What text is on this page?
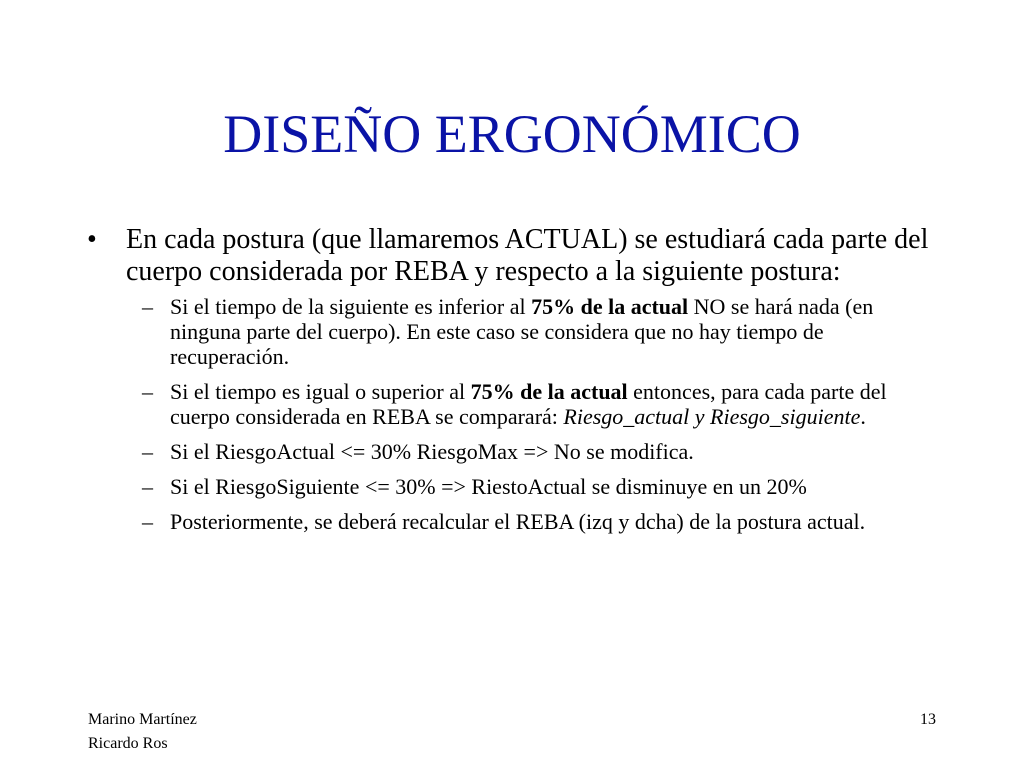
DISEÑO ERGONÓMICO
• En cada postura (que llamaremos ACTUAL) se estudiará cada parte del cuerpo considerada por REBA y respecto a la siguiente postura:
– Si el tiempo de la siguiente es inferior al 75% de la actual NO se hará nada (en ninguna parte del cuerpo). En este caso se considera que no hay tiempo de recuperación.
– Si el tiempo es igual o superior al 75% de la actual entonces, para cada parte del cuerpo considerada en REBA se comparará: Riesgo_actual y Riesgo_siguiente.
– Si el RiesgoActual <= 30% RiesgoMax => No se modifica.
– Si el RiesgoSiguiente <= 30% => RiestoActual se disminuye en un 20%
– Posteriormente, se deberá recalcular el REBA (izq y dcha) de la postura actual.
Marino Martínez
Ricardo Ros
13
